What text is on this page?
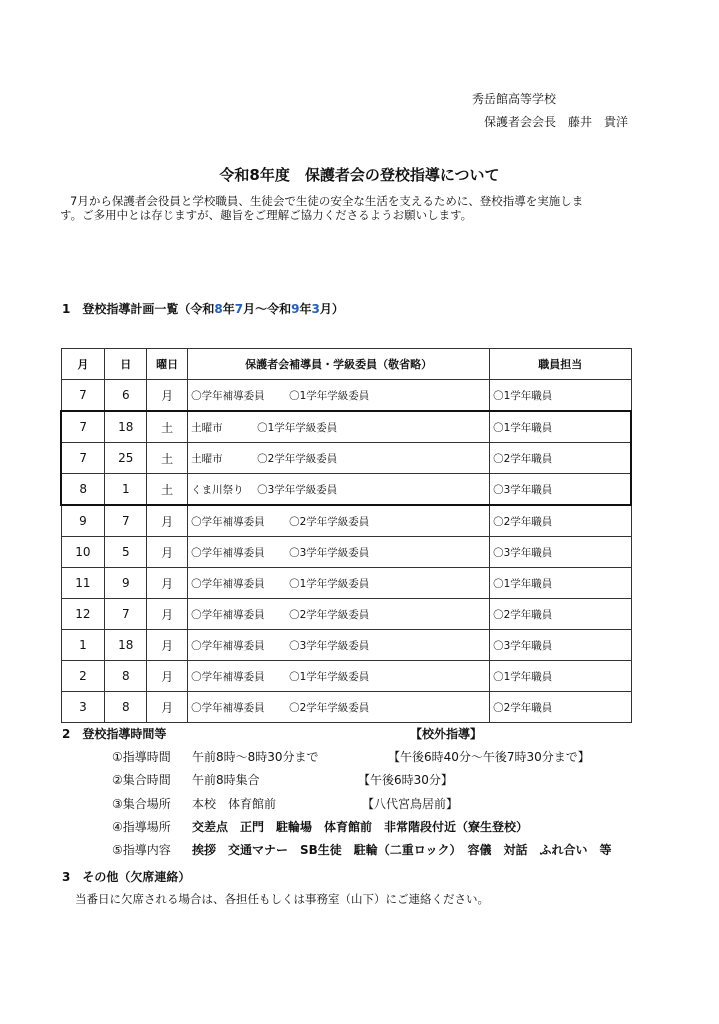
秀岳館高等学校
保護者会会長　藤井　貴洋
令和8年度　保護者会の登校指導について
7月から保護者会役員と学校職員、生徒会で生徒の安全な生活を支えるために、登校指導を実施しま
す。ご多用中とは存じますが、趣旨をご理解ご協力くださるようお願いします。
1　登校指導計画一覧（令和8年7月～令和9年3月）
月	日	曜日	保護者会補導員・学級委員（敬省略）	職員担当
7	6	月	〇学年補導委員 〇1学年学級委員	〇1学年職員
7	18	土	土曜市 〇1学年学級委員	〇1学年職員
7	25	土	土曜市 〇2学年学級委員	〇2学年職員
8	1	土	くま川祭り 〇3学年学級委員	〇3学年職員
9	7	月	〇学年補導委員 〇2学年学級委員	〇2学年職員
10	5	月	〇学年補導委員 〇3学年学級委員	〇3学年職員
11	9	月	〇学年補導委員 〇1学年学級委員	〇1学年職員
12	7	月	〇学年補導委員 〇2学年学級委員	〇2学年職員
1	18	月	〇学年補導委員 〇3学年学級委員	〇3学年職員
2	8	月	〇学年補導委員 〇1学年学級委員	〇1学年職員
3	8	月	〇学年補導委員 〇2学年学級委員	〇2学年職員
2　登校指導時間等	【校外指導】
①指導時間 午前8時～8時30分まで	【午後6時40分～午後7時30分まで】
②集合時間 午前8時集合	【午後6時30分】
③集合場所 本校　体育館前	【八代宮鳥居前】
④指導場所 交差点　正門　駐輪場　体育館前　非常階段付近（寮生登校）
⑤指導内容 挨拶　交通マナー　SB生徒　駐輪（二重ロック）　容儀　対話　ふれ合い　等
3　その他（欠席連絡）
当番日に欠席される場合は、各担任もしくは事務室（山下）にご連絡ください。
